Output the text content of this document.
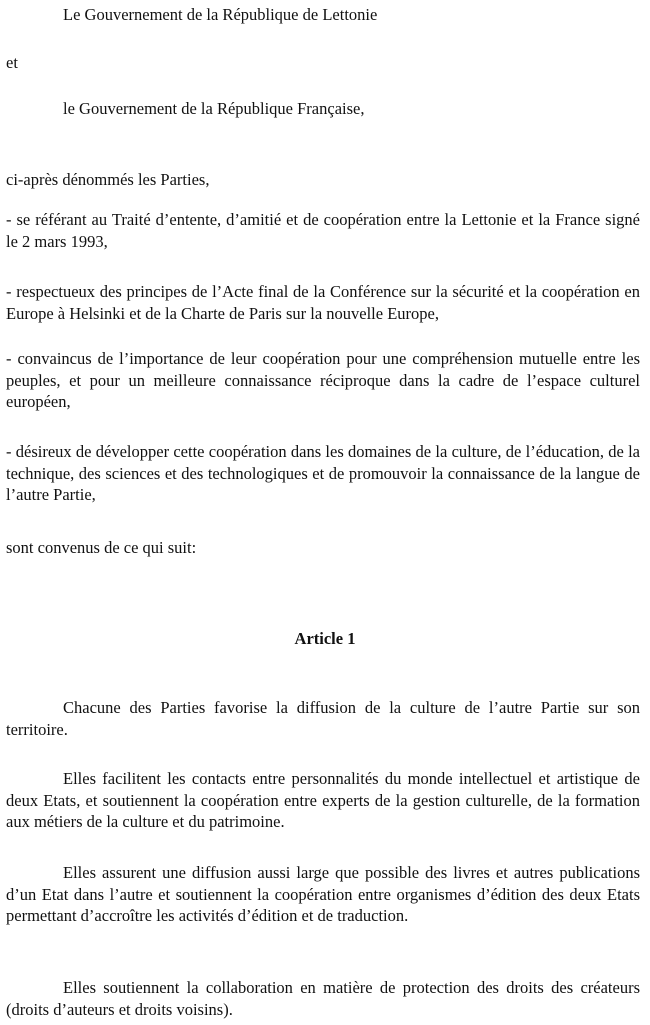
Le Gouvernement de la République de Lettonie

et

le Gouvernement de la République Française,

ci-après dénommés les Parties,

- se référant au Traité d’entente, d’amitié et de coopération entre la Lettonie et la France signé le 2 mars 1993,

- respectueux des principes de l’Acte final de la Conférence sur la sécurité et la coopération en Europe à Helsinki et de la Charte de Paris sur la nouvelle Europe,

- convaincus de l’importance de leur coopération pour une compréhension mutuelle entre les peuples, et pour un meilleure connaissance réciproque dans la cadre de l’espace culturel européen,

- désireux de développer cette coopération dans les domaines de la culture, de l’éducation, de la technique, des sciences et des technologiques et de promouvoir la connaissance de la langue de l’autre Partie,

sont convenus de ce qui suit:

Article 1

Chacune des Parties favorise la diffusion de la culture de l’autre Partie sur son territoire.

Elles facilitent les contacts entre personnalités du monde intellectuel et artistique de deux Etats, et soutiennent la coopération entre experts de la gestion culturelle, de la formation aux métiers de la culture et du patrimoine.

Elles assurent une diffusion aussi large que possible des livres et autres publications d’un Etat dans l’autre et soutiennent la coopération entre organismes d’édition des deux Etats permettant d’accroître les activités d’édition et de traduction.

Elles soutiennent la collaboration en matière de protection des droits des créateurs (droits d’auteurs et droits voisins).
